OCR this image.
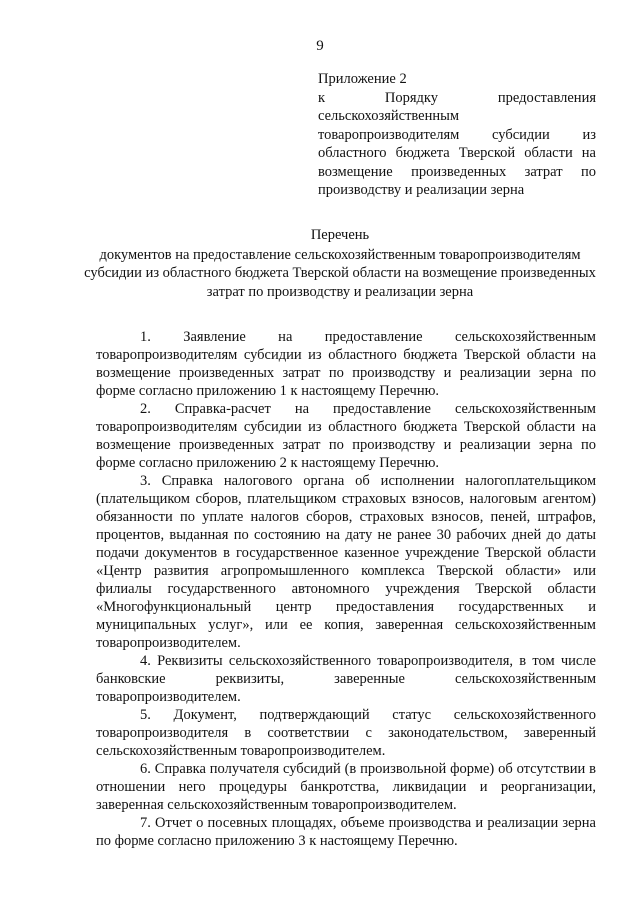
9
Приложение 2
к Порядку предоставления
сельскохозяйственным
товаропроизводителям субсидии из
областного бюджета Тверской области на
возмещение произведенных затрат по
производству и реализации зерна
Перечень
документов на предоставление сельскохозяйственным товаропроизводителям субсидии из областного бюджета Тверской области на возмещение произведенных затрат по производству и реализации зерна

1. Заявление на предоставление сельскохозяйственным товаропроизводителям субсидии из областного бюджета Тверской области на возмещение произведенных затрат по производству и реализации зерна по форме согласно приложению 1 к настоящему Перечню.

2. Справка-расчет на предоставление сельскохозяйственным товаропроизводителям субсидии из областного бюджета Тверской области на возмещение произведенных затрат по производству и реализации зерна по форме согласно приложению 2 к настоящему Перечню.

3. Справка налогового органа об исполнении налогоплательщиком (плательщиком сборов, плательщиком страховых взносов, налоговым агентом) обязанности по уплате налогов сборов, страховых взносов, пеней, штрафов, процентов, выданная по состоянию на дату не ранее 30 рабочих дней до даты подачи документов в государственное казенное учреждение Тверской области «Центр развития агропромышленного комплекса Тверской области» или филиалы государственного автономного учреждения Тверской области «Многофункциональный центр предоставления государственных и муниципальных услуг», или ее копия, заверенная сельскохозяйственным товаропроизводителем.

4. Реквизиты сельскохозяйственного товаропроизводителя, в том числе банковские реквизиты, заверенные сельскохозяйственным товаропроизводителем.

5. Документ, подтверждающий статус сельскохозяйственного товаропроизводителя в соответствии с законодательством, заверенный сельскохозяйственным товаропроизводителем.

6. Справка получателя субсидий (в произвольной форме) об отсутствии в отношении него процедуры банкротства, ликвидации и реорганизации, заверенная сельскохозяйственным товаропроизводителем.

7. Отчет о посевных площадях, объеме производства и реализации зерна по форме согласно приложению 3 к настоящему Перечню.
